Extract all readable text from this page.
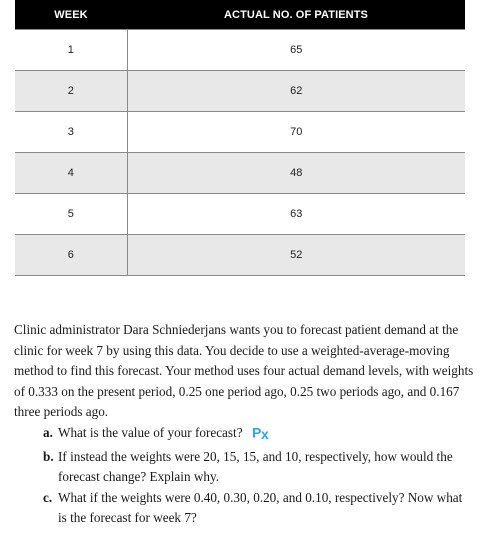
WEEK	ACTUAL NO. OF PATIENTS
1	65
2	62
3	70
4	48
5	63
6	52

Clinic administrator Dara Schniederjans wants you to forecast patient demand at the clinic for week 7 by using this data. You decide to use a weighted-average-moving method to find this forecast. Your method uses four actual demand levels, with weights of 0.333 on the present period, 0.25 one period ago, 0.25 two periods ago, and 0.167 three periods ago.

a. What is the value of your forecast? P x
b. If instead the weights were 20, 15, 15, and 10, respectively, how would the forecast change? Explain why.
c. What if the weights were 0.40, 0.30, 0.20, and 0.10, respectively? Now what is the forecast for week 7?
